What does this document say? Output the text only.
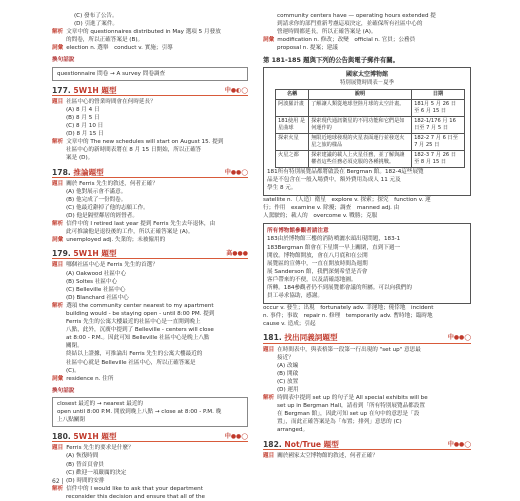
(C) 發布了公告。
(D) 引進了案件。
解析 文章中的 questionnaires distributed in May 選項 5 月發放
的問卷，所以正確答案是 (B)。
詞彙 election n. 選舉　conduct v. 實施；引導
換句話說
questionnaire 問卷 → A survey 問卷調查
177. 5W1H 題型	中●◐◯
題目 社區中心的營業時間會在何時延長？
(A) 8 月 4 日
(B) 8 月 5 日
(C) 8 月 10 日
(D) 8 月 15 日
解析 文章中的 The new schedules will start on August 15. 提到
社區中心的新時間表將在 8 月 15 日開始，所以正確答
案是 (D)。
178. 推論題型	中●●◯
題目 關於 Ferris 先生的敘述，何者正確？
(A) 他對展示會不滿意。
(B) 他完成了一份問卷。
(C) 他最近辭掉了他的志願工作。
(D) 他是隔壁鄰居的經營者。
解析 信件中的 I retired last year 提到 Ferris 先生去年退休，由
此可推論他是退役後的工作，所以正確答案是 (A)。
詞彙 unemployed adj. 失業的；未被僱用的
179. 5W1H 題型	高●●●
題目 哪個社區中心是 Ferris 先生的首選？
(A) Oakwood 社區中心
(B) Soltes 社區中心
(C) Belleville 社區中心
(D) Blanchard 社區中心
解析 選項 the community center nearest to my apartment
building would - be staying open - until 8:00 PM. 提到
Ferris 先生的公寓大樓最近的社區中心是一直開到晚上
八點，此外，沉廣中提到了 Belleville - centers will close
at 8:00 - P.M.。因此可知 Belleville 社區中心是晚上八點
關閉。
終結以上證據，可推論出 Ferris 先生的公寓大樓最近的
社區中心就是 Belleville 社區中心，所以正確答案是
(C)。
詞彙 residence n. 住所
換句話說
closest 最近的 → nearest 最近的
open until 8:00 P.M. 開放到晚上八點 → close at 8:00 - P.M. 晚
上八點關閉
180. 5W1H 題型	中●●◯
題目 Ferris 先生的要求是什麼？
(A) 恢復時間
(B) 替首頁會員
(C) 歡迎一項嚴厲的決定
(D) 時間的安排
解析 信件中的 I would like to ask that your department
reconsider this decision and ensure that all of the
community centers have — operating hours extended 提
到請求你的部門重新考慮這項決定，並確保所有社區中心的
營運時間都延長，所以正確答案是 (A)。
詞彙 modification n. 修改；改變　official n. 官員；公務員
proposal n. 提案；建議
第 181-185 題與下列的公告與電子郵件有關。
國家太空博物館
特別展覽時間表－夏季
名稱	說明	日期
阿波羅計畫	了解讓人類從地球登陸月球的太空計畫。	181月 5 月 26 日 至 6 月 15 日
181使用 是 星曲球	探索現代通訊衛星的不同功能和它們是如何運作的	182-1/176 月 16 日至 7 月 5 日
探索火星	無限近地球發現的火星表面運行並發送火星之旅的樣品	182-2 7 月 6 日至 7 月 25 日
火星之都	探索建議的載人上火星任務，並了解與讓權者這些任務必須克服的各種挑戰。	182-3 7 月 26 日 至 8 月 15 日
181所有特別展覽品都將啟設在 Bergman 館。182-4這些展覽
品是不包含在一般入場費中，額外費用為成人 11 元及
學生 8 元。
satellite n.（人造）衛星　explore v. 探索；探究　function v. 運
行；作用　examine v. 除擾；調查　manned adj. 由
人駕駛的；載人的　overcome v. 戰勝；克服
所有博物館參觀者請注意
183由於博物館三樓的消防噴灑水頭出現問題，183-1
183Bergman 館會在下星期一早上關閉，直到下週一
開放。博物館開放，會在八月底和在公開
展覽區的宣傳中，一直在開放時間為週期
展 Sanderson 館，我們深刻希望是否會
客戶帶來的不便，以及請確認地圖。
所轉。184參觀者仍不到展覽都會議的所屬。可以向我們的
員工尋求協助，感謝。
occur v. 發生；出現　fortunately adv. 幸運地；僥倖地　incident
n. 事件；事故　repair n. 修理　temporarily adv. 暫時地；臨時地
cause v. 造成；引起
181. 找出同義詞題型	中●●◯
題目 在時間表中，與表格第一段第一行出現的 "set up" 意思最
接近？
(A) 改編
(B) 開啟
(C) 放置
(D) 運用
解析 時間表中提到 set up 的句子是 All special exhibits will be
set up in Bergman Hall，請看到「所有特別展覽品都設置
在 Bergman 館」，因此可知 set up 在句中的意思是「設
置」，而此正確答案是為「布置；排列」意思的 (C)
arranged。
182. Not/True 題型	中●●◯
題目 關於國家太空博物館的敘述，何者正確？
62 |
